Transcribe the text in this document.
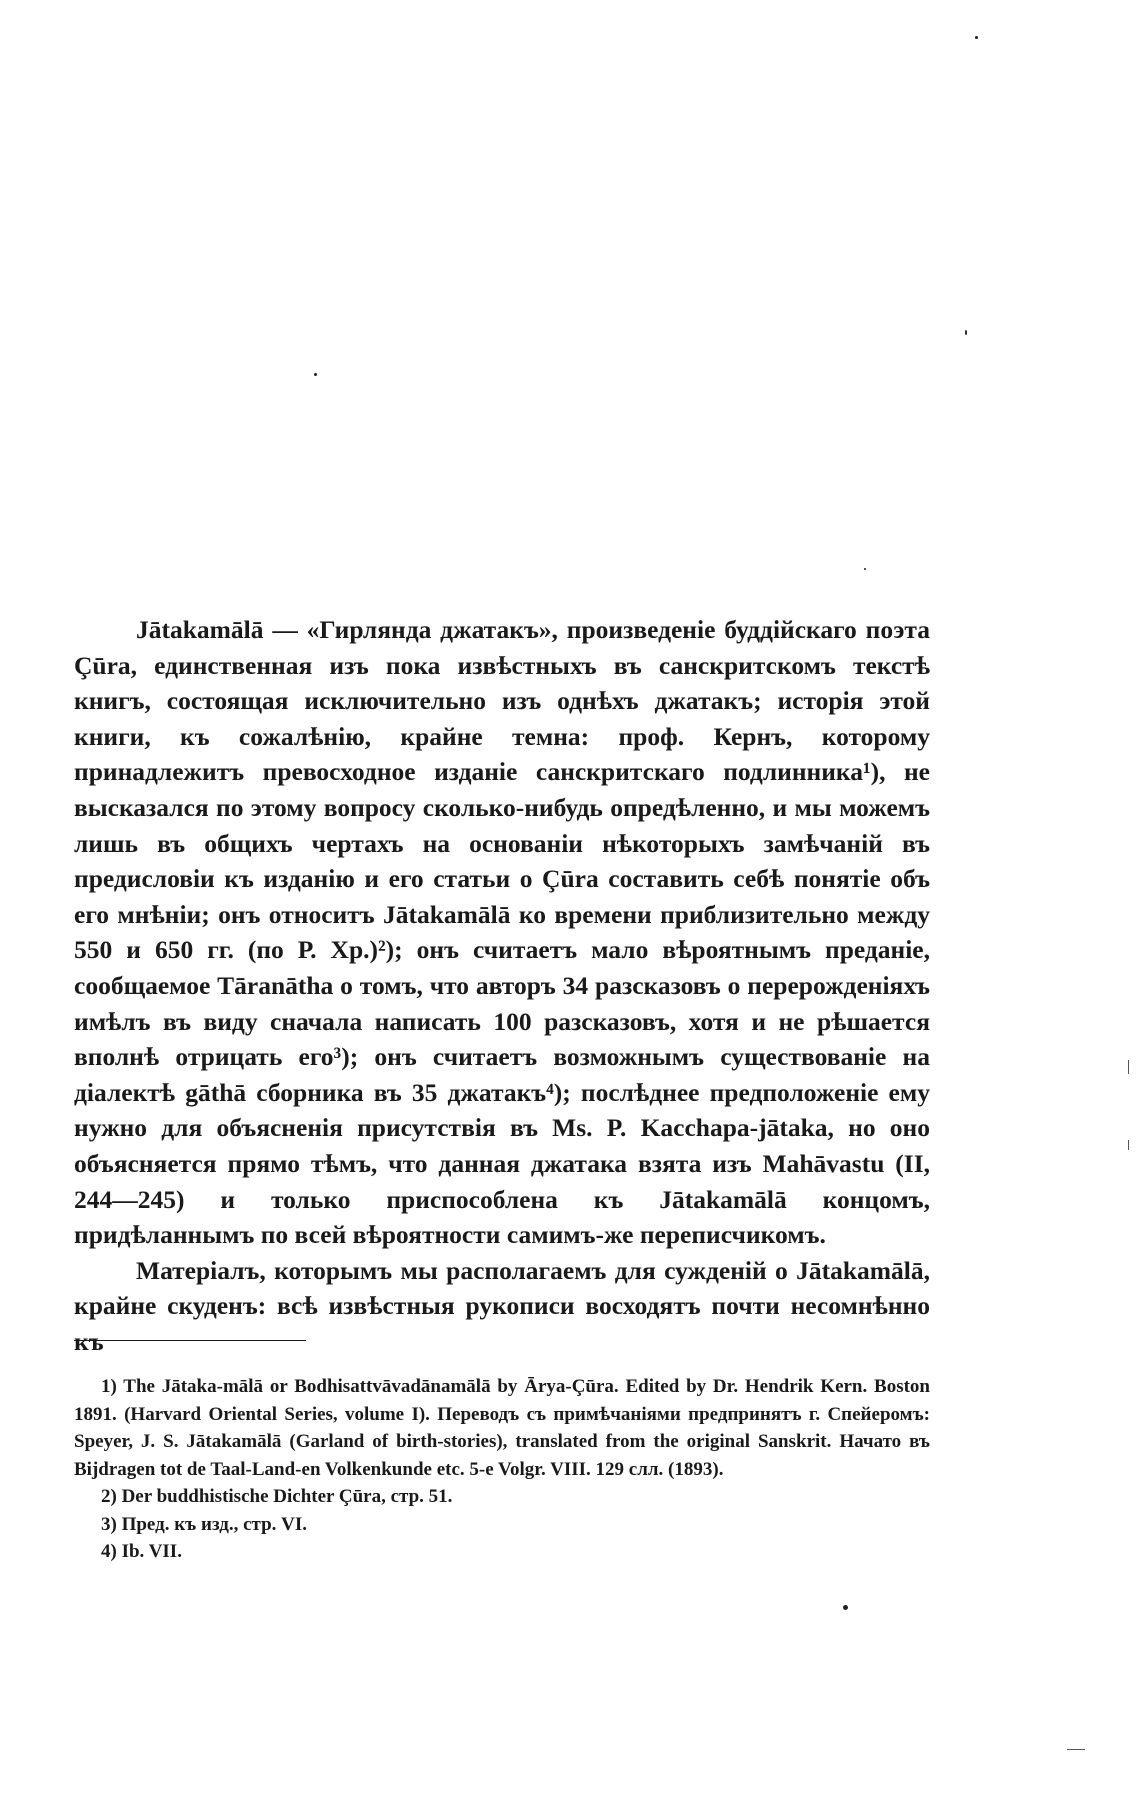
Jātakamālā — «Гирлянда джатакъ», произведеніе буддійскаго поэта Çūra, единственная изъ пока извѣстныхъ въ санскритскомъ текстѣ книгъ, состоящая исключительно изъ однѣхъ джатакъ; исторія этой книги, къ сожалѣнію, крайне темна: проф. Кернъ, которому принадлежитъ превосходное изданіе санскритскаго подлинника¹), не высказался по этому вопросу сколько-нибудь опредѣленно, и мы можемъ лишь въ общихъ чертахъ на основаніи нѣкоторыхъ замѣчаній въ предисловіи къ изданію и его статьи о Çūra составить себѣ понятіе объ его мнѣніи; онъ относитъ Jātakamālā ко времени приблизительно между 550 и 650 гг. (по Р. Хр.)²); онъ считаетъ мало вѣроятнымъ преданіе, сообщаемое Tāranātha о томъ, что авторъ 34 разсказовъ о перерожденіяхъ имѣлъ въ виду сначала написать 100 разсказовъ, хотя и не рѣшается вполнѣ отрицать его³); онъ считаетъ возможнымъ существованіе на діалектѣ gāthā сборника въ 35 джатакъ⁴); послѣднее предположеніе ему нужно для объясненія присутствія въ Ms. P. Kacchapa-jātaka, но оно объясняется прямо тѣмъ, что данная джатака взята изъ Mahāvastu (II, 244—245) и только приспособлена къ Jātakamālā концомъ, придѣланнымъ по всей вѣроятности самимъ-же переписчикомъ.

Матеріалъ, которымъ мы располагаемъ для сужденій о Jātakamālā, крайне скуденъ: всѣ извѣстныя рукописи восходятъ почти несомнѣнно къ

1) The Jātaka-mālā or Bodhisattvāvadānamālā by Ārya-Çūra. Edited by Dr. Hendrik Kern. Boston 1891. (Harvard Oriental Series, volume I). Переводъ съ примѣчаніями предпринятъ г. Спейеромъ: Speyer, J. S. Jātakamālā (Garland of birth-stories), translated from the original Sanskrit. Начато въ Bijdragen tot de Taal-Land-en Volkenkunde etc. 5-e Volgr. VIII. 129 слл. (1893).

2) Der buddhistische Dichter Çūra, стр. 51.

3) Пред. къ изд., стр. VI.

4) Ib. VII.
